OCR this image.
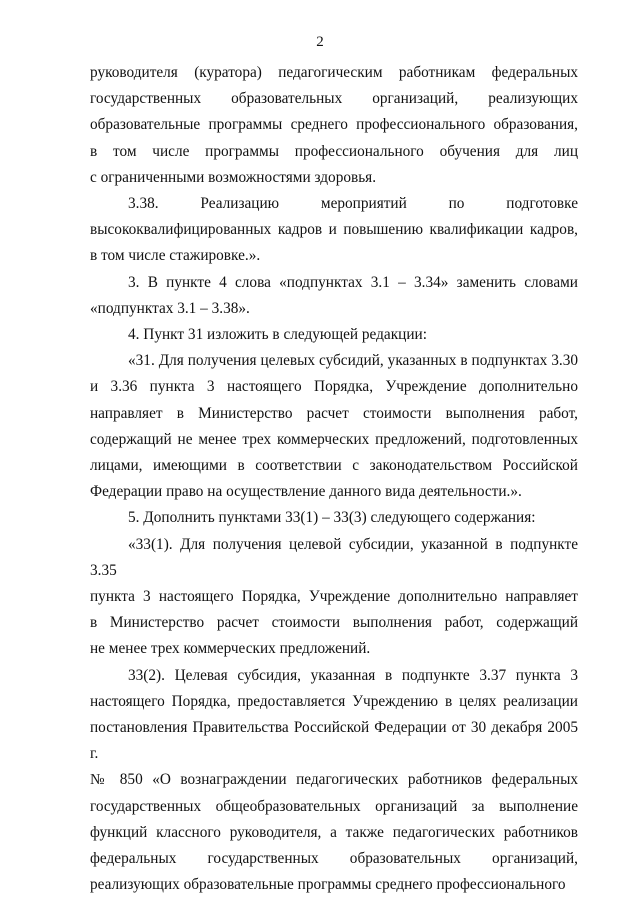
2

руководителя (куратора) педагогическим работникам федеральных
государственных образовательных организаций, реализующих
образовательные программы среднего профессионального образования,
в том числе программы профессионального обучения для лиц
с ограниченными возможностями здоровья.

3.38. Реализацию мероприятий по подготовке
высококвалифицированных кадров и повышению квалификации кадров,
в том числе стажировке.».

3. В пункте 4 слова «подпунктах 3.1 – 3.34» заменить словами
«подпунктах 3.1 – 3.38».

4. Пункт 31 изложить в следующей редакции:

«31. Для получения целевых субсидий, указанных в подпунктах 3.30
и 3.36 пункта 3 настоящего Порядка, Учреждение дополнительно
направляет в Министерство расчет стоимости выполнения работ,
содержащий не менее трех коммерческих предложений, подготовленных
лицами, имеющими в соответствии с законодательством Российской
Федерации право на осуществление данного вида деятельности.».

5. Дополнить пунктами 33(1) – 33(3) следующего содержания:

«33(1). Для получения целевой субсидии, указанной в подпункте 3.35
пункта 3 настоящего Порядка, Учреждение дополнительно направляет
в Министерство расчет стоимости выполнения работ, содержащий
не менее трех коммерческих предложений.

33(2). Целевая субсидия, указанная в подпункте 3.37 пункта 3
настоящего Порядка, предоставляется Учреждению в целях реализации
постановления Правительства Российской Федерации от 30 декабря 2005 г.
№ 850 «О вознаграждении педагогических работников федеральных
государственных общеобразовательных организаций за выполнение
функций классного руководителя, а также педагогических работников
федеральных государственных образовательных организаций,
реализующих образовательные программы среднего профессионального
